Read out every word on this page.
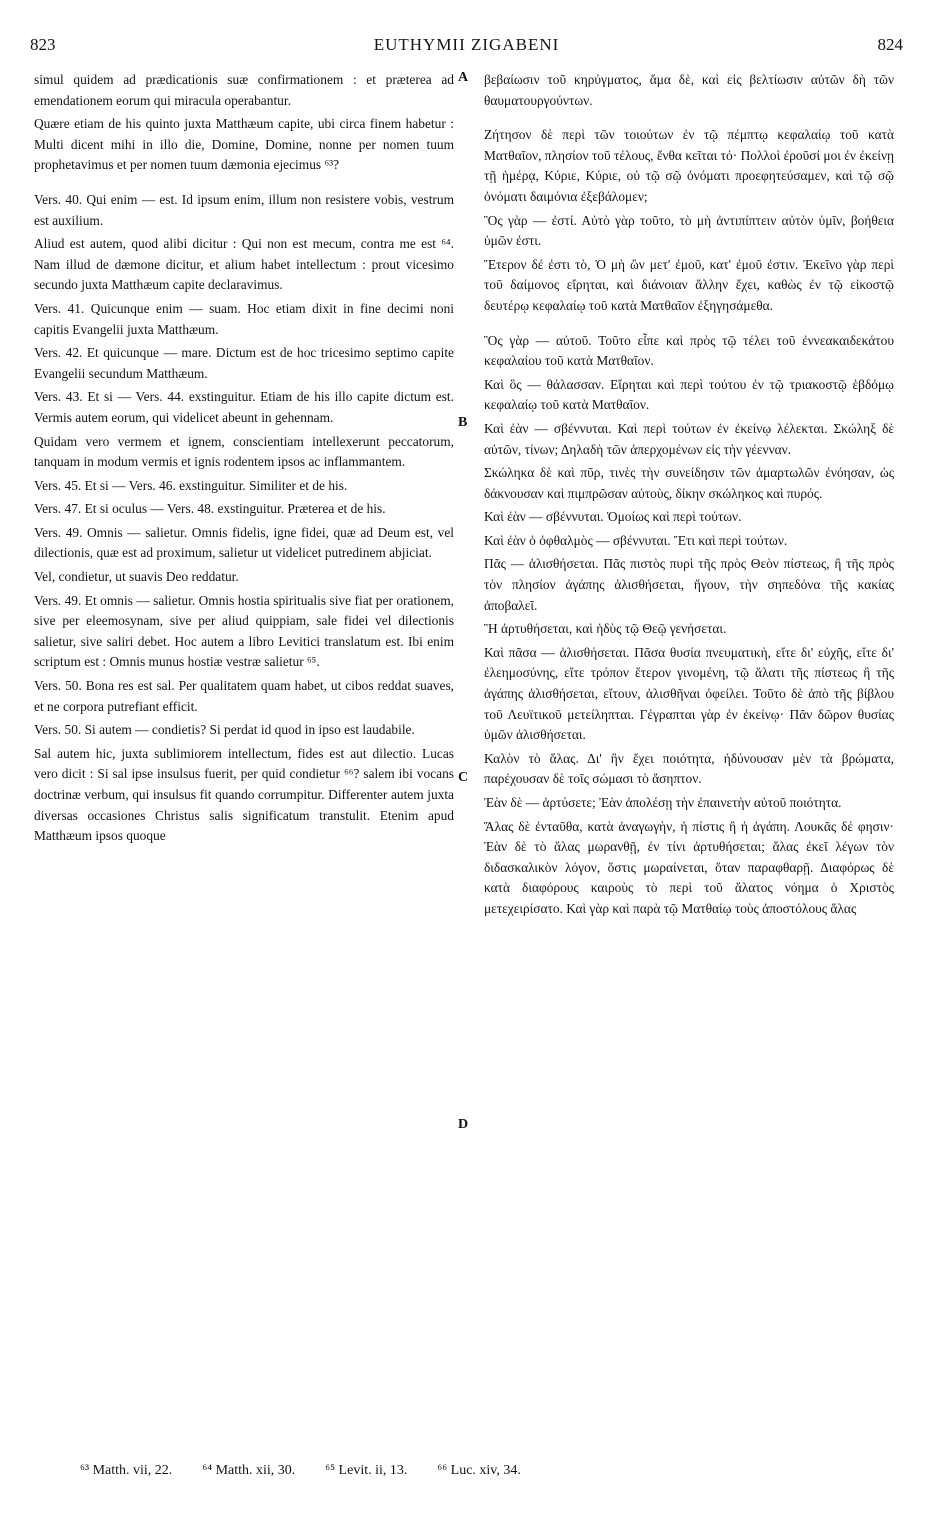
823	EUTHYMII ZIGABENI	824

simul quidem ad prædicationis suæ confirmationem : et præterea ad emendationem eorum qui miracula operabantur.

Quære etiam de his quinto juxta Matthæum capite, ubi circa finem habetur : Multi dicent mihi in illo die, Domine, Domine, nonne per nomen tuum prophetavimus et per nomen tuum dæmonia ejecimus ⁶³?

Vers. 40. Qui enim — est. Id ipsum enim, illum non resistere vobis, vestrum est auxilium.

Aliud est autem, quod alibi dicitur : Qui non est mecum, contra me est ⁶⁴. Nam illud de dæmone dicitur, et alium habet intellectum : prout vicesimo secundo juxta Matthæum capite declaravimus.

Vers. 41. Quicunque enim — suam. Hoc etiam dixit in fine decimi noni capitis Evangelii juxta Matthæum.

Vers. 42. Et quicunque — mare. Dictum est de hoc tricesimo septimo capite Evangelii secundum Matthæum.

Vers. 43. Et si — Vers. 44. exstinguitur. Etiam de his illo capite dictum est. Vermis autem eorum, qui videlicet abeunt in gehennam.

Quidam vero vermem et ignem, conscientiam intellexerunt peccatorum, tanquam in modum vermis et ignis rodentem ipsos ac inflammantem.

Vers. 45. Et si — Vers. 46. exstinguitur. Similiter et de his.

Vers. 47. Et si oculus — Vers. 48. exstinguitur. Præterea et de his.

Vers. 49. Omnis — salietur. Omnis fidelis, igne fidei, quæ ad Deum est, vel dilectionis, quæ est ad proximum, salietur ut videlicet putredinem abjiciat.

Vel, condietur, ut suavis Deo reddatur.

Vers. 49. Et omnis — salietur. Omnis hostia spiritualis sive fiat per orationem, sive per eleemosynam, sive per aliud quippiam, sale fidei vel dilectionis salietur, sive saliri debet. Hoc autem a libro Levitici translatum est. Ibi enim scriptum est : Omnis munus hostiæ vestræ salietur ⁶⁵.

Vers. 50. Bona res est sal. Per qualitatem quam habet, ut cibos reddat suaves, et ne corpora putrefiant efficit.

Vers. 50. Si autem — condietis? Si perdat id quod in ipso est laudabile.

Sal autem hic, juxta sublimiorem intellectum, fides est aut dilectio. Lucas vero dicit : Si sal ipse insulsus fuerit, per quid condietur ⁶⁶? salem ibi vocans doctrinæ verbum, qui insulsus fit quando corrumpitur. Differenter autem juxta diversas occasiones Christus salis significatum transtulit. Etenim apud Matthæum ipsos quoque

βεβαίωσιν τοῦ κηρύγματος, ἅμα δὲ, καὶ εἰς βελτίωσιν αὐτῶν δὴ τῶν θαυματουργούντων.

Ζήτησον δὲ περὶ τῶν τοιούτων ἐν τῷ πέμπτῳ κεφαλαίῳ τοῦ κατὰ Ματθαῖον, πλησίον τοῦ τέλους, ἔνθα κεῖται τό· Πολλοὶ ἐροῦσί μοι ἐν ἐκείνῃ τῇ ἡμέρᾳ, Κύριε, Κύριε, οὐ τῷ σῷ ὀνόματι προεφητεύσαμεν, καὶ τῷ σῷ ὀνόματι δαιμόνια ἐξεβάλομεν;

Ὃς γὰρ — ἐστί. Αὐτὸ γὰρ τοῦτο, τὸ μὴ ἀντιπίπτειν αὐτὸν ὑμῖν, βοήθεια ὑμῶν ἐστι.

Ἕτερον δέ ἐστι τὸ, Ὁ μὴ ὢν μετ' ἐμοῦ, κατ' ἐμοῦ ἐστιν. Ἐκεῖνο γὰρ περὶ τοῦ δαίμονος εἴρηται, καὶ διάνοιαν ἄλλην ἔχει, καθὼς ἐν τῷ εἰκοστῷ δευτέρῳ κεφαλαίῳ τοῦ κατὰ Ματθαῖον ἐξηγησάμεθα.

Ὃς γὰρ — αὐτοῦ. Τοῦτο εἶπε καὶ πρὸς τῷ τέλει τοῦ ἐννεακαιδεκάτου κεφαλαίου τοῦ κατὰ Ματθαῖον.

Καὶ ὃς — θάλασσαν. Εἴρηται καὶ περὶ τούτου ἐν τῷ τριακοστῷ ἑβδόμῳ κεφαλαίῳ τοῦ κατὰ Ματθαῖον.

Καὶ ἐὰν — σβέννυται. Καὶ περὶ τούτων ἐν ἐκείνῳ λέλεκται. Σκώληξ δὲ αὐτῶν, τίνων; Δηλαδὴ τῶν ἀπερχομένων εἰς τὴν γέενναν.

Σκώληκα δὲ καὶ πῦρ, τινὲς τὴν συνείδησιν τῶν ἁμαρτωλῶν ἐνόησαν, ὡς δάκνουσαν καὶ πιμπρῶσαν αὐτοὺς, δίκην σκώληκος καὶ πυρός.

Καὶ ἐὰν — σβέννυται. Ὁμοίως καὶ περὶ τούτων.

Καὶ ἐὰν ὁ ὀφθαλμὸς — σβέννυται. Ἔτι καὶ περὶ τούτων.

Πᾶς — ἁλισθήσεται. Πᾶς πιστὸς πυρὶ τῆς πρὸς Θεὸν πίστεως, ἢ τῆς πρὸς τὸν πλησίον ἀγάπης ἁλισθήσεται, ἤγουν, τὴν σηπεδόνα τῆς κακίας ἀποβαλεῖ.

Ἢ ἀρτυθήσεται, καὶ ἡδὺς τῷ Θεῷ γενήσεται.

Καὶ πᾶσα — ἁλισθήσεται. Πᾶσα θυσία πνευματικὴ, εἴτε δι' εὐχῆς, εἴτε δι' ἐλεημοσύνης, εἴτε τρόπον ἕτερον γινομένη, τῷ ἅλατι τῆς πίστεως ἢ τῆς ἀγάπης ἁλισθήσεται, εἴτουν, ἁλισθῆναι ὀφείλει. Τοῦτο δὲ ἀπὸ τῆς βίβλου τοῦ Λευϊτικοῦ μετείληπται. Γέγραπται γὰρ ἐν ἐκείνῳ· Πᾶν δῶρον θυσίας ὑμῶν ἁλισθήσεται.

Καλὸν τὸ ἅλας. Δι' ἣν ἔχει ποιότητα, ἡδύνουσαν μὲν τὰ βρώματα, παρέχουσαν δὲ τοῖς σώμασι τὸ ἄσηπτον.

Ἐὰν δὲ — ἀρτύσετε; Ἐὰν ἀπολέσῃ τὴν ἐπαινετὴν αὐτοῦ ποιότητα.

Ἅλας δὲ ἐνταῦθα, κατὰ ἀναγωγὴν, ἡ πίστις ἢ ἡ ἀγάπη. Λουκᾶς δέ φησιν· Ἐὰν δὲ τὸ ἅλας μωρανθῇ, ἐν τίνι ἀρτυθήσεται; ἅλας ἐκεῖ λέγων τὸν διδασκαλικὸν λόγον, ὅστις μωραίνεται, ὅταν παραφθαρῇ. Διαφόρως δὲ κατὰ διαφόρους καιροὺς τὸ περὶ τοῦ ἅλατος νόημα ὁ Χριστὸς μετεχειρίσατο. Καὶ γὰρ καὶ παρὰ τῷ Ματθαίῳ τοὺς ἀποστόλους ἅλας

A
B
C
D
⁶³ Matth. vii, 22. ⁶⁴ Matth. xii, 30. ⁶⁵ Levit. ii, 13. ⁶⁶ Luc. xiv, 34.
